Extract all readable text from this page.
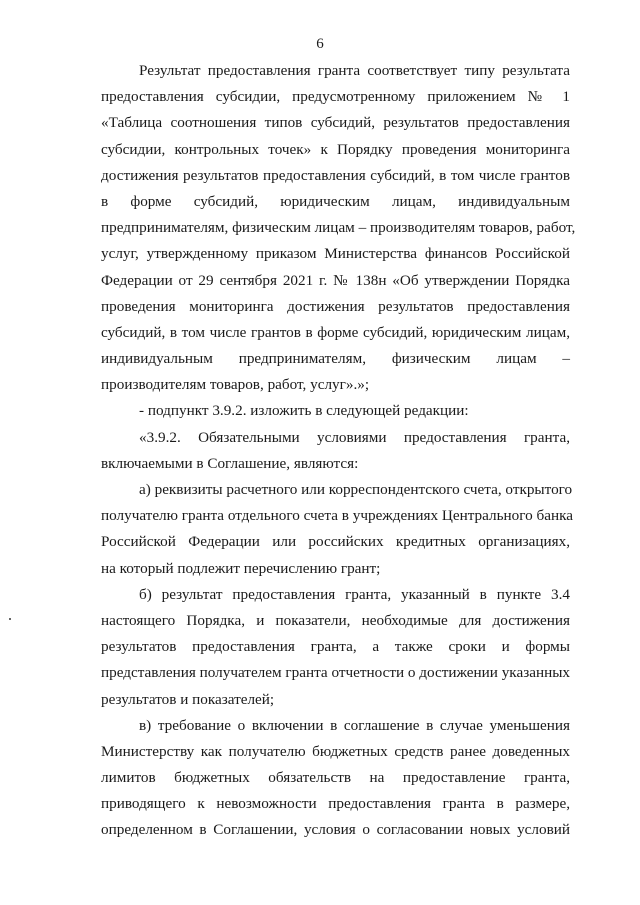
6
Результат предоставления гранта соответствует типу результата
предоставления субсидии, предусмотренному приложением № 1
«Таблица соотношения типов субсидий, результатов предоставления
субсидии, контрольных точек» к Порядку проведения мониторинга
достижения результатов предоставления субсидий, в том числе грантов
в форме субсидий, юридическим лицам, индивидуальным
предпринимателям, физическим лицам – производителям товаров, работ,
услуг, утвержденному приказом Министерства финансов Российской
Федерации от 29 сентября 2021 г. № 138н «Об утверждении Порядка
проведения мониторинга достижения результатов предоставления
субсидий, в том числе грантов в форме субсидий, юридическим лицам,
индивидуальным предпринимателям, физическим лицам –
производителям товаров, работ, услуг».»;
- подпункт 3.9.2. изложить в следующей редакции:
«3.9.2. Обязательными условиями предоставления гранта,
включаемыми в Соглашение, являются:
а) реквизиты расчетного или корреспондентского счета, открытого
получателю гранта отдельного счета в учреждениях Центрального банка
Российской Федерации или российских кредитных организациях,
на который подлежит перечислению грант;
б) результат предоставления гранта, указанный в пункте 3.4
настоящего Порядка, и показатели, необходимые для достижения
результатов предоставления гранта, а также сроки и формы
представления получателем гранта отчетности о достижении указанных
результатов и показателей;
в) требование о включении в соглашение в случае уменьшения
Министерству как получателю бюджетных средств ранее доведенных
лимитов бюджетных обязательств на предоставление гранта,
приводящего к невозможности предоставления гранта в размере,
определенном в Соглашении, условия о согласовании новых условий
